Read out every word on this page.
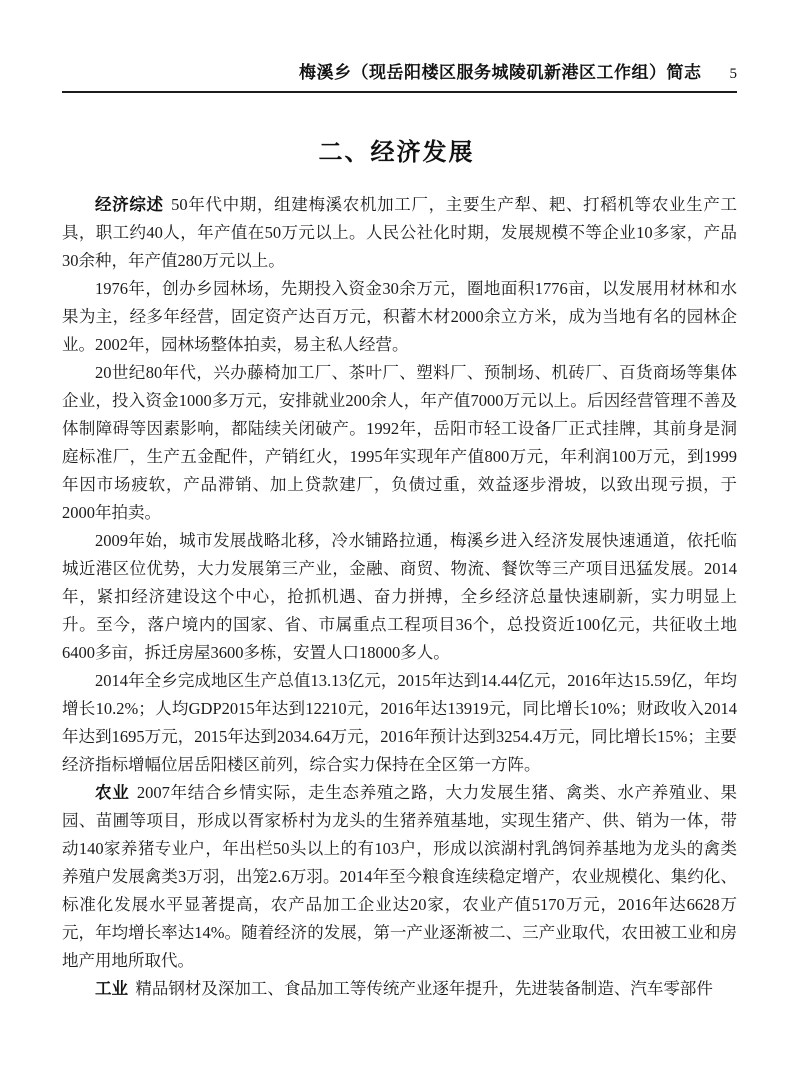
梅溪乡（现岳阳楼区服务城陵矶新港区工作组）简志 5
二、经济发展

经济综述 50年代中期，组建梅溪农机加工厂，主要生产犁、耙、打稻机等农业生产工具，职工约40人，年产值在50万元以上。人民公社化时期，发展规模不等企业10多家，产品30余种，年产值280万元以上。

1976年，创办乡园林场，先期投入资金30余万元，圈地面积1776亩，以发展用材林和水果为主，经多年经营，固定资产达百万元，积蓄木材2000余立方米，成为当地有名的园林企业。2002年，园林场整体拍卖，易主私人经营。

20世纪80年代，兴办藤椅加工厂、茶叶厂、塑料厂、预制场、机砖厂、百货商场等集体企业，投入资金1000多万元，安排就业200余人，年产值7000万元以上。后因经营管理不善及体制障碍等因素影响，都陆续关闭破产。1992年，岳阳市轻工设备厂正式挂牌，其前身是洞庭标准厂，生产五金配件，产销红火，1995年实现年产值800万元，年利润100万元，到1999年因市场疲软，产品滞销、加上贷款建厂，负债过重，效益逐步滑坡，以致出现亏损，于2000年拍卖。

2009年始，城市发展战略北移，冷水铺路拉通，梅溪乡进入经济发展快速通道，依托临城近港区位优势，大力发展第三产业，金融、商贸、物流、餐饮等三产项目迅猛发展。2014年，紧扣经济建设这个中心，抢抓机遇、奋力拼搏，全乡经济总量快速刷新，实力明显上升。至今，落户境内的国家、省、市属重点工程项目36个，总投资近100亿元，共征收土地6400多亩，拆迁房屋3600多栋，安置人口18000多人。

2014年全乡完成地区生产总值13.13亿元，2015年达到14.44亿元，2016年达15.59亿，年均增长10.2%；人均GDP2015年达到12210元，2016年达13919元，同比增长10%；财政收入2014年达到1695万元，2015年达到2034.64万元，2016年预计达到3254.4万元，同比增长15%；主要经济指标增幅位居岳阳楼区前列，综合实力保持在全区第一方阵。

农业 2007年结合乡情实际，走生态养殖之路，大力发展生猪、禽类、水产养殖业、果园、苗圃等项目，形成以胥家桥村为龙头的生猪养殖基地，实现生猪产、供、销为一体，带动140家养猪专业户，年出栏50头以上的有103户，形成以滨湖村乳鸽饲养基地为龙头的禽类养殖户发展禽类3万羽，出笼2.6万羽。2014年至今粮食连续稳定增产，农业规模化、集约化、标准化发展水平显著提高，农产品加工企业达20家，农业产值5170万元，2016年达6628万元，年均增长率达14%。随着经济的发展，第一产业逐渐被二、三产业取代，农田被工业和房地产用地所取代。

工业 精品钢材及深加工、食品加工等传统产业逐年提升，先进装备制造、汽车零部件
